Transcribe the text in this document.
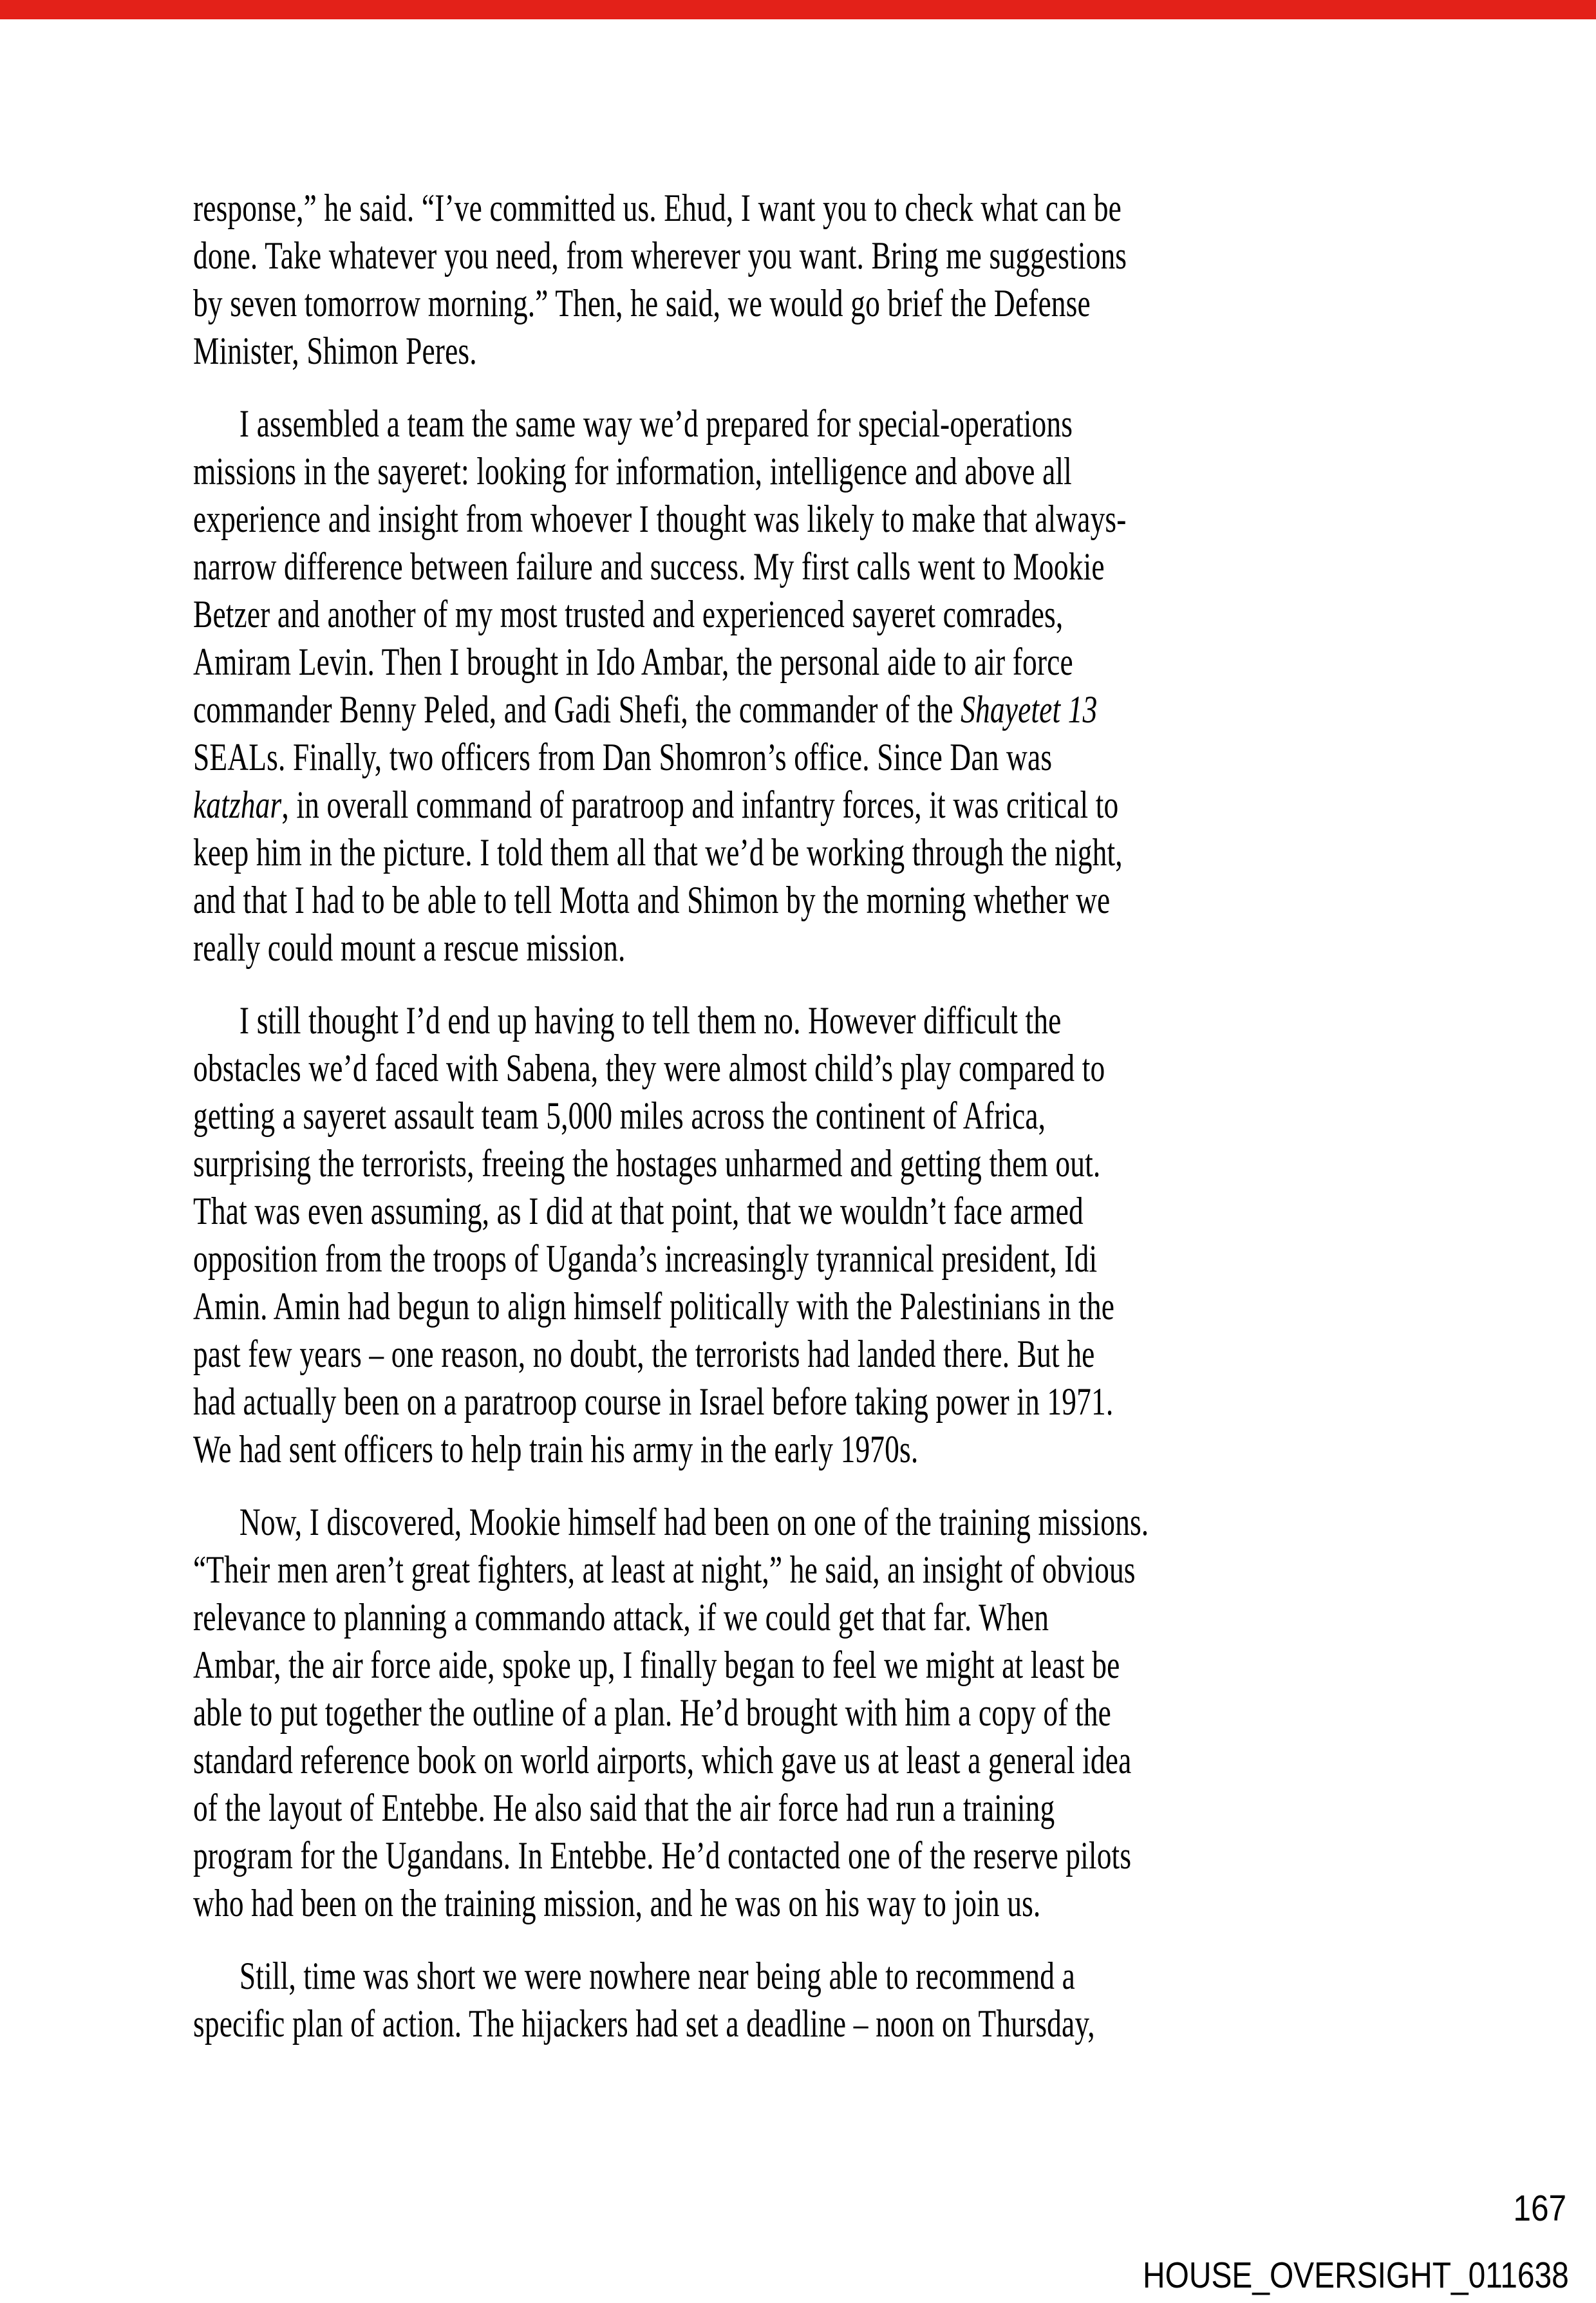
response,” he said. “I’ve committed us. Ehud, I want you to check what can be
done. Take whatever you need, from wherever you want. Bring me suggestions
by seven tomorrow morning.” Then, he said, we would go brief the Defense
Minister, Shimon Peres.
I assembled a team the same way we’d prepared for special-operations
missions in the sayeret: looking for information, intelligence and above all
experience and insight from whoever I thought was likely to make that always-
narrow difference between failure and success. My first calls went to Mookie
Betzer and another of my most trusted and experienced sayeret comrades,
Amiram Levin. Then I brought in Ido Ambar, the personal aide to air force
commander Benny Peled, and Gadi Shefi, the commander of the Shayetet 13
SEALs. Finally, two officers from Dan Shomron’s office. Since Dan was
katzhar, in overall command of paratroop and infantry forces, it was critical to
keep him in the picture. I told them all that we’d be working through the night,
and that I had to be able to tell Motta and Shimon by the morning whether we
really could mount a rescue mission.
I still thought I’d end up having to tell them no. However difficult the
obstacles we’d faced with Sabena, they were almost child’s play compared to
getting a sayeret assault team 5,000 miles across the continent of Africa,
surprising the terrorists, freeing the hostages unharmed and getting them out.
That was even assuming, as I did at that point, that we wouldn’t face armed
opposition from the troops of Uganda’s increasingly tyrannical president, Idi
Amin. Amin had begun to align himself politically with the Palestinians in the
past few years – one reason, no doubt, the terrorists had landed there. But he
had actually been on a paratroop course in Israel before taking power in 1971.
We had sent officers to help train his army in the early 1970s.
Now, I discovered, Mookie himself had been on one of the training missions.
“Their men aren’t great fighters, at least at night,” he said, an insight of obvious
relevance to planning a commando attack, if we could get that far. When
Ambar, the air force aide, spoke up, I finally began to feel we might at least be
able to put together the outline of a plan. He’d brought with him a copy of the
standard reference book on world airports, which gave us at least a general idea
of the layout of Entebbe. He also said that the air force had run a training
program for the Ugandans. In Entebbe. He’d contacted one of the reserve pilots
who had been on the training mission, and he was on his way to join us.
Still, time was short we were nowhere near being able to recommend a
specific plan of action. The hijackers had set a deadline – noon on Thursday,
167
HOUSE_OVERSIGHT_011638
